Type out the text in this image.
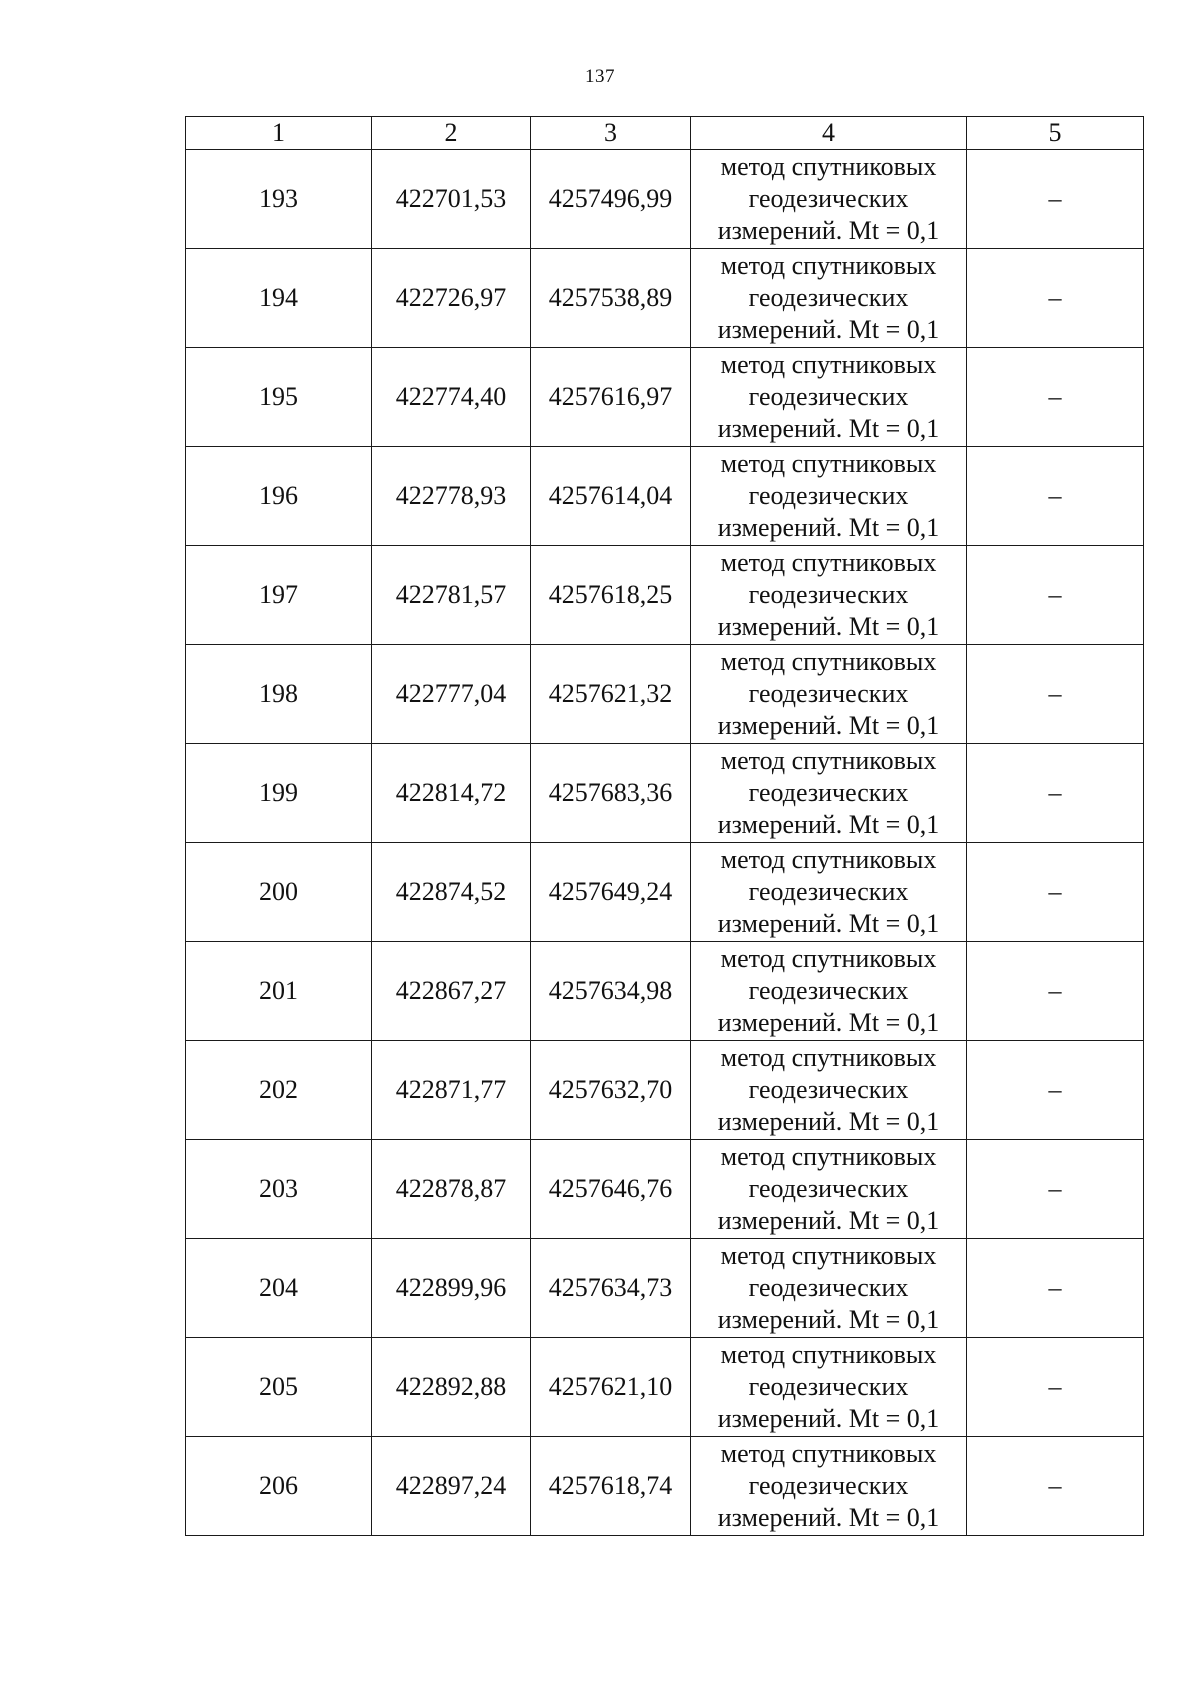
137
1	2	3	4	5
193	422701,53	4257496,99	метод спутниковых
геодезических
измерений. Mt = 0,1	–
194	422726,97	4257538,89	метод спутниковых
геодезических
измерений. Mt = 0,1	–
195	422774,40	4257616,97	метод спутниковых
геодезических
измерений. Mt = 0,1	–
196	422778,93	4257614,04	метод спутниковых
геодезических
измерений. Mt = 0,1	–
197	422781,57	4257618,25	метод спутниковых
геодезических
измерений. Mt = 0,1	–
198	422777,04	4257621,32	метод спутниковых
геодезических
измерений. Mt = 0,1	–
199	422814,72	4257683,36	метод спутниковых
геодезических
измерений. Mt = 0,1	–
200	422874,52	4257649,24	метод спутниковых
геодезических
измерений. Mt = 0,1	–
201	422867,27	4257634,98	метод спутниковых
геодезических
измерений. Mt = 0,1	–
202	422871,77	4257632,70	метод спутниковых
геодезических
измерений. Mt = 0,1	–
203	422878,87	4257646,76	метод спутниковых
геодезических
измерений. Mt = 0,1	–
204	422899,96	4257634,73	метод спутниковых
геодезических
измерений. Mt = 0,1	–
205	422892,88	4257621,10	метод спутниковых
геодезических
измерений. Mt = 0,1	–
206	422897,24	4257618,74	метод спутниковых
геодезических
измерений. Mt = 0,1	–
